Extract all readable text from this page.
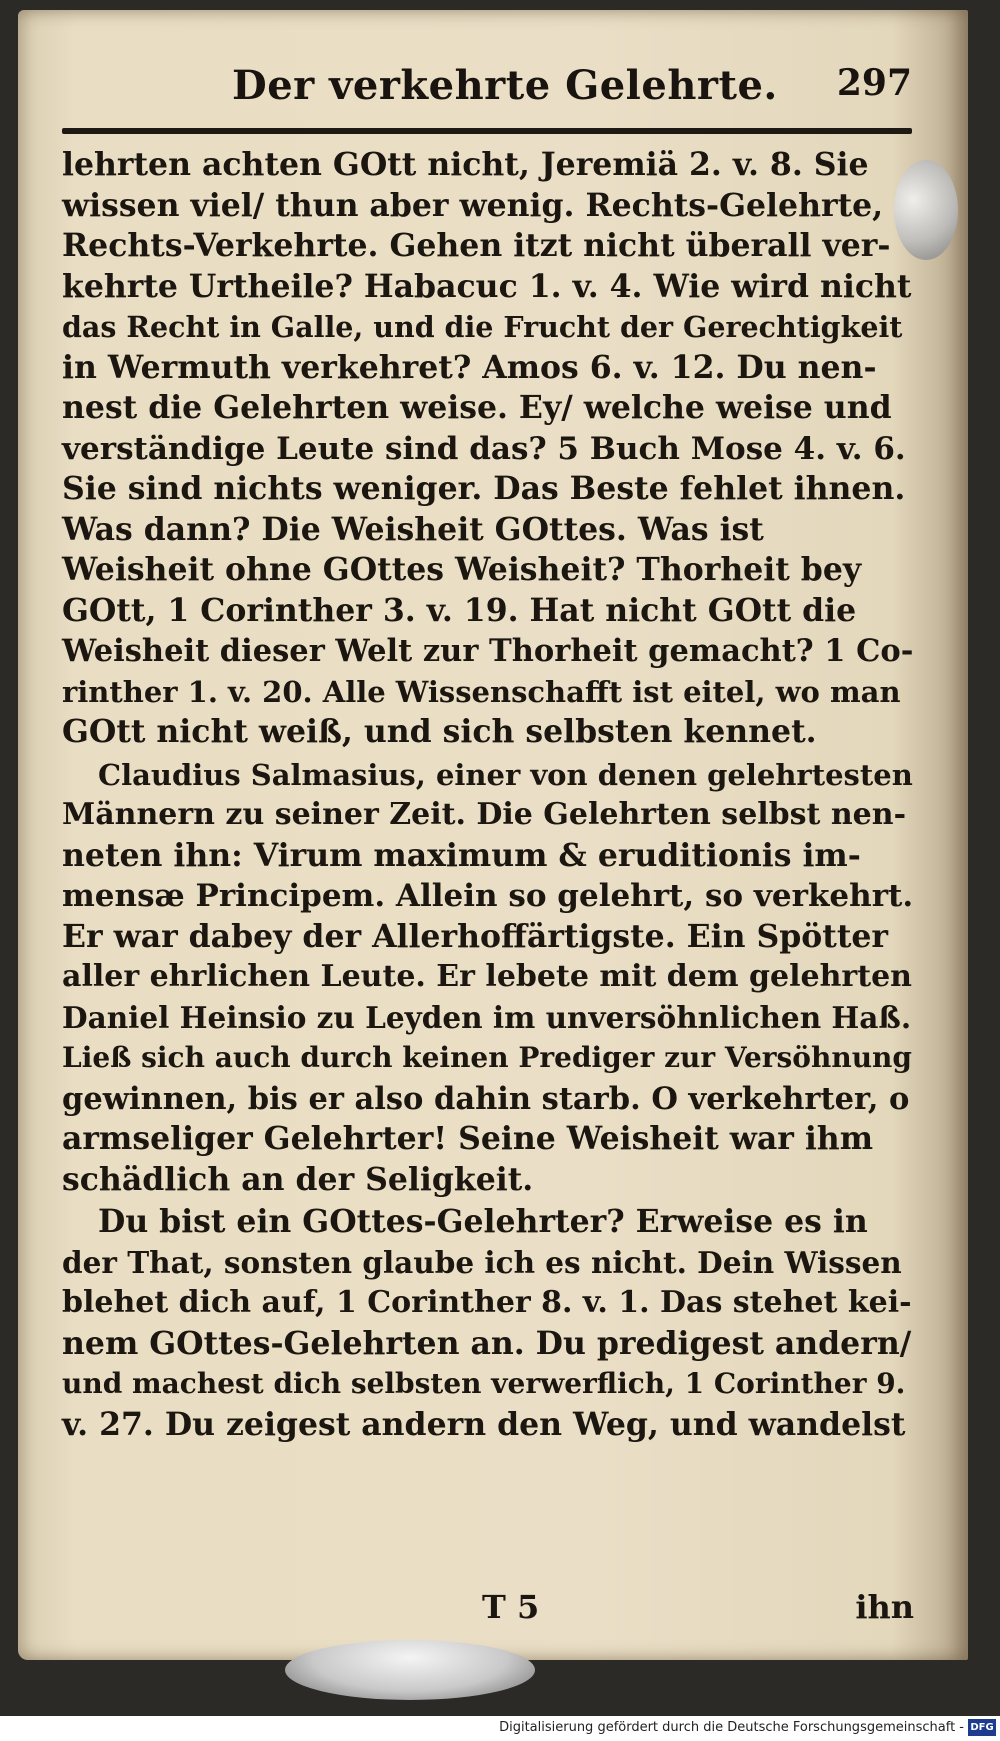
Der verkehrte Gelehrte. 297
lehrten achten GOtt nicht, Jeremiä 2. v. 8. Sie
wissen viel/ thun aber wenig. Rechts-Gelehrte,
Rechts-Verkehrte. Gehen itzt nicht überall ver-
kehrte Urtheile? Habacuc 1. v. 4. Wie wird nicht
das Recht in Galle, und die Frucht der Gerechtigkeit
in Wermuth verkehret? Amos 6. v. 12. Du nen-
nest die Gelehrten weise. Ey/ welche weise und
verständige Leute sind das? 5 Buch Mose 4. v. 6.
Sie sind nichts weniger. Das Beste fehlet ihnen.
Was dann? Die Weisheit GOttes. Was ist
Weisheit ohne GOttes Weisheit? Thorheit bey
GOtt, 1 Corinther 3. v. 19. Hat nicht GOtt die
Weisheit dieser Welt zur Thorheit gemacht? 1 Co-
rinther 1. v. 20. Alle Wissenschafft ist eitel, wo man
GOtt nicht weiß, und sich selbsten kennet.
Claudius Salmasius, einer von denen gelehrtesten
Männern zu seiner Zeit. Die Gelehrten selbst nen-
neten ihn: Virum maximum & eruditionis im-
mensæ Principem. Allein so gelehrt, so verkehrt.
Er war dabey der Allerhoffärtigste. Ein Spötter
aller ehrlichen Leute. Er lebete mit dem gelehrten
Daniel Heinsio zu Leyden im unversöhnlichen Haß.
Ließ sich auch durch keinen Prediger zur Versöhnung
gewinnen, bis er also dahin starb. O verkehrter, o
armseliger Gelehrter! Seine Weisheit war ihm
schädlich an der Seligkeit.
Du bist ein GOttes-Gelehrter? Erweise es in
der That, sonsten glaube ich es nicht. Dein Wissen
blehet dich auf, 1 Corinther 8. v. 1. Das stehet kei-
nem GOttes-Gelehrten an. Du predigest andern/
und machest dich selbsten verwerflich, 1 Corinther 9.
v. 27. Du zeigest andern den Weg, und wandelst
T 5	ihn
Digitalisierung gefördert durch die Deutsche Forschungsgemeinschaft - DFG
